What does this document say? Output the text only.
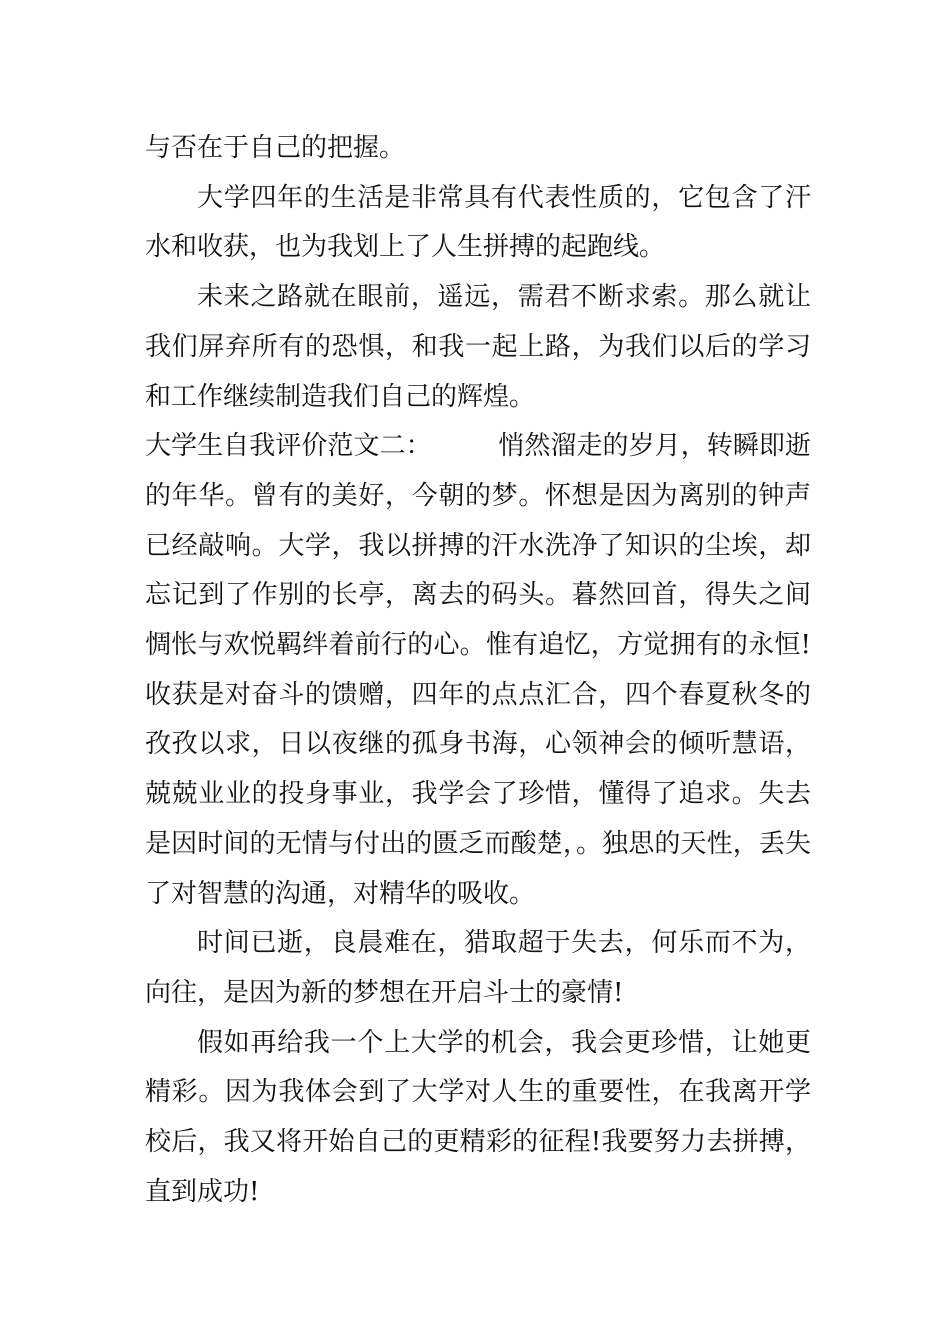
与否在于自己的把握。

大学四年的生活是非常具有代表性质的，它包含了汗水和收获，也为我划上了人生拼搏的起跑线。

未来之路就在眼前，遥远，需君不断求索。那么就让我们屏弃所有的恐惧，和我一起上路，为我们以后的学习和工作继续制造我们自己的辉煌。

大学生自我评价范文二：	悄然溜走的岁月，转瞬即逝的年华。曾有的美好，今朝的梦。怀想是因为离别的钟声已经敲响。大学，我以拼搏的汗水洗净了知识的尘埃，却忘记到了作别的长亭，离去的码头。暮然回首，得失之间惆怅与欢悦羁绊着前行的心。惟有追忆，方觉拥有的永恒!收获是对奋斗的馈赠，四年的点点汇合，四个春夏秋冬的孜孜以求，日以夜继的孤身书海，心领神会的倾听慧语，兢兢业业的投身事业，我学会了珍惜，懂得了追求。失去是因时间的无情与付出的匮乏而酸楚，。独思的天性，丢失了对智慧的沟通，对精华的吸收。

时间已逝，良晨难在，猎取超于失去，何乐而不为，向往，是因为新的梦想在开启斗士的豪情!

假如再给我一个上大学的机会，我会更珍惜，让她更精彩。因为我体会到了大学对人生的重要性，在我离开学校后，我又将开始自己的更精彩的征程!我要努力去拼搏，直到成功!
